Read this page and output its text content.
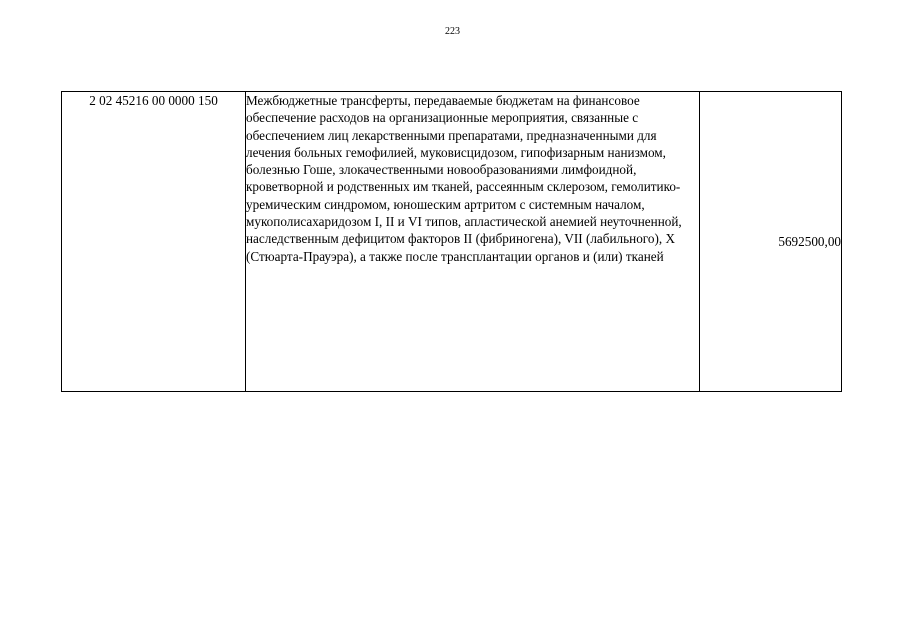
223
2 02 45216 00 0000 150	Межбюджетные трансферты, передаваемые бюджетам на финансовое обеспечение расходов на организационные мероприятия, связанные с обеспечением лиц лекарственными препаратами, предназначенными для лечения больных гемофилией, муковисцидозом, гипофизарным нанизмом, болезнью Гоше, злокачественными новообразованиями лимфоидной, кроветворной и родственных им тканей, рассеянным склерозом, гемолитико-уремическим синдромом, юношеским артритом с системным началом, мукополисахаридозом I, II и VI типов, апластической анемией неуточненной, наследственным дефицитом факторов II (фибриногена), VII (лабильного), X (Стюарта-Прауэра), а также после трансплантации органов и (или) тканей	5692500,00
